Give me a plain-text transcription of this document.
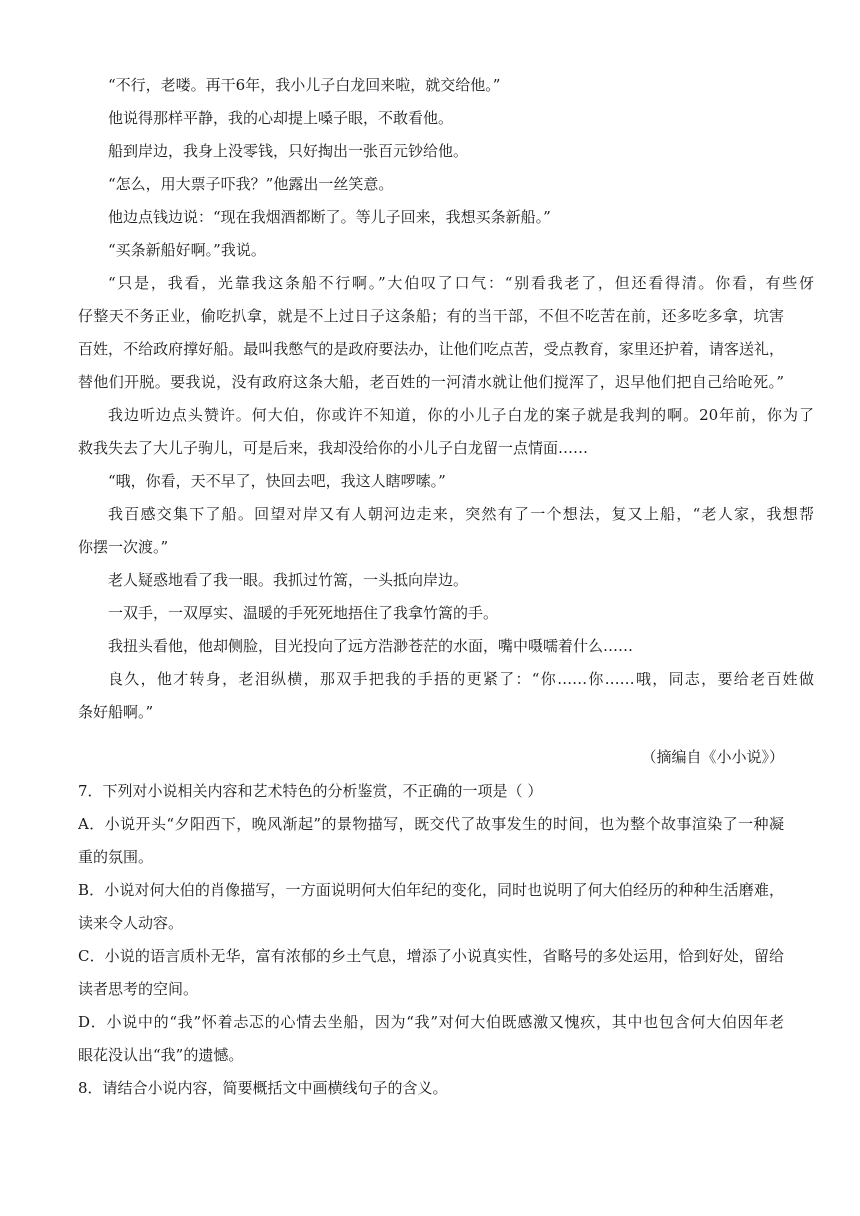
“不行，老喽。再干6年，我小儿子白龙回来啦，就交给他。”
他说得那样平静，我的心却提上嗓子眼，不敢看他。
船到岸边，我身上没零钱，只好掏出一张百元钞给他。
“怎么，用大票子吓我？”他露出一丝笑意。
他边点钱边说：“现在我烟酒都断了。等儿子回来，我想买条新船。”
“买条新船好啊。”我说。
“只是，我看，光靠我这条船不行啊。”大伯叹了口气：“别看我老了，但还看得清。你看，有些伢
仔整天不务正业，偷吃扒拿，就是不上过日子这条船；有的当干部，不但不吃苦在前，还多吃多拿，坑害
百姓，不给政府撑好船。最叫我憋气的是政府要法办，让他们吃点苦，受点教育，家里还护着，请客送礼，
替他们开脱。要我说，没有政府这条大船，老百姓的一河清水就让他们搅浑了，迟早他们把自己给呛死。”
我边听边点头赞许。何大伯，你或许不知道，你的小儿子白龙的案子就是我判的啊。20年前，你为了
救我失去了大儿子驹儿，可是后来，我却没给你的小儿子白龙留一点情面……
“哦，你看，天不早了，快回去吧，我这人瞎啰嗦。”
我百感交集下了船。回望对岸又有人朝河边走来，突然有了一个想法，复又上船，“老人家，我想帮
你摆一次渡。”
老人疑惑地看了我一眼。我抓过竹篙，一头抵向岸边。
一双手，一双厚实、温暖的手死死地捂住了我拿竹篙的手。
我扭头看他，他却侧脸，目光投向了远方浩渺苍茫的水面，嘴中嗫嚅着什么……
良久，他才转身，老泪纵横，那双手把我的手捂的更紧了：“你……你……哦，同志，要给老百姓做
条好船啊。”
（摘编自《小小说》）
7．下列对小说相关内容和艺术特色的分析鉴赏，不正确的一项是（ ）
A．小说开头“夕阳西下，晚风渐起”的景物描写，既交代了故事发生的时间，也为整个故事渲染了一种凝
重的氛围。
B．小说对何大伯的肖像描写，一方面说明何大伯年纪的变化，同时也说明了何大伯经历的种种生活磨难，
读来令人动容。
C．小说的语言质朴无华，富有浓郁的乡土气息，增添了小说真实性，省略号的多处运用，恰到好处，留给
读者思考的空间。
D．小说中的“我”怀着忐忑的心情去坐船，因为“我”对何大伯既感激又愧疚，其中也包含何大伯因年老
眼花没认出“我”的遗憾。
8．请结合小说内容，简要概括文中画横线句子的含义。
